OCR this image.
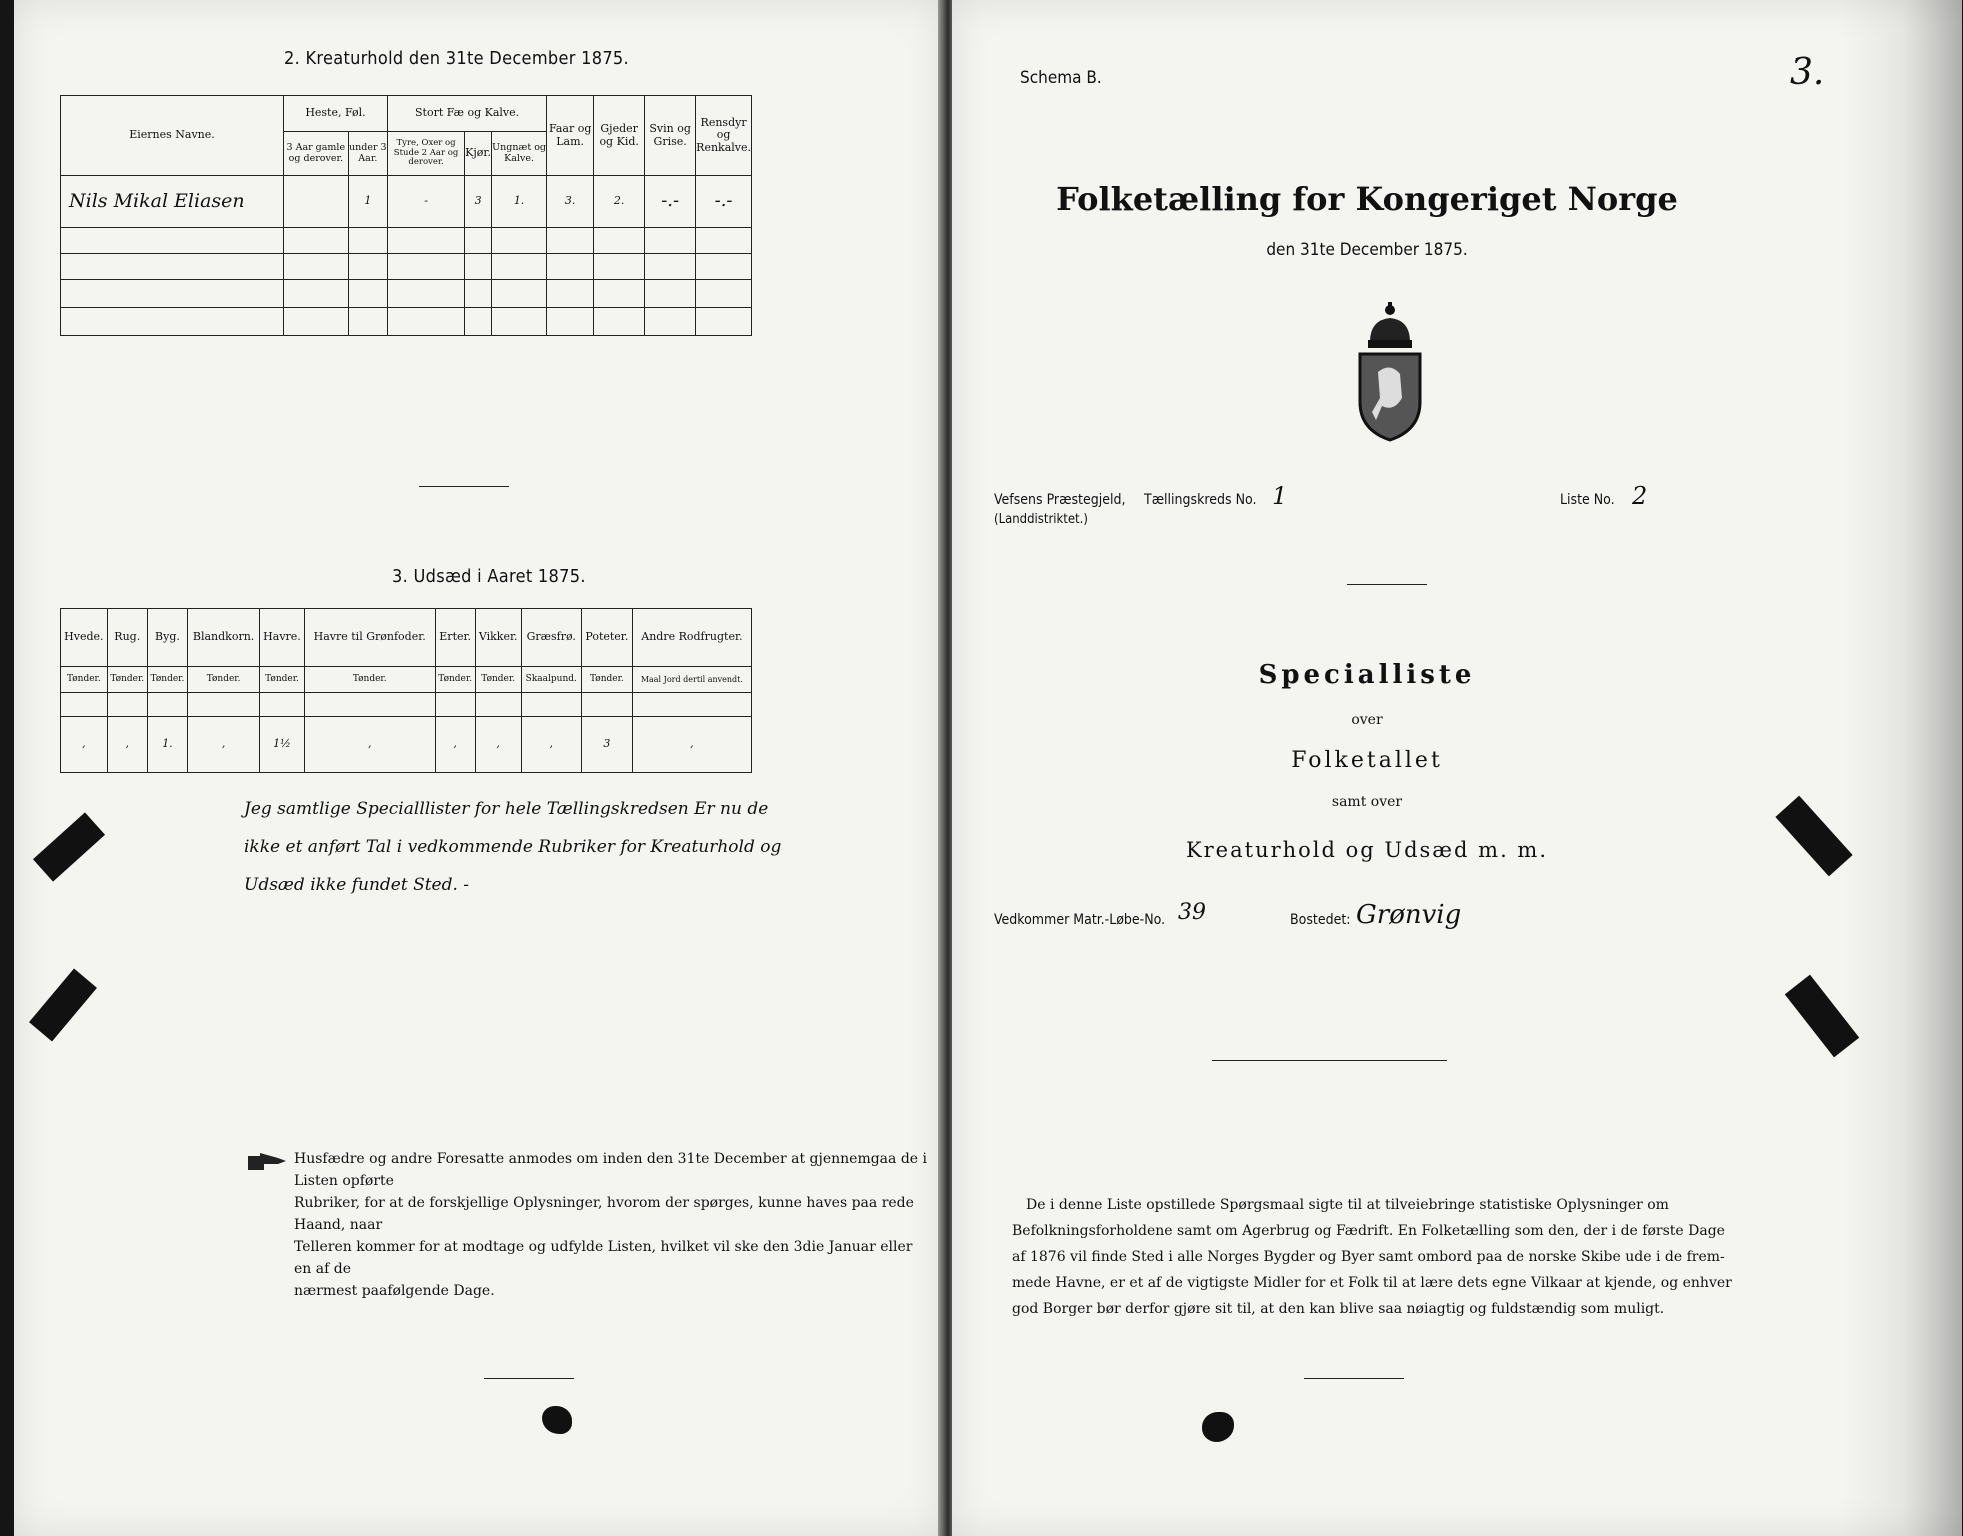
2. Kreaturhold den 31te December 1875.
Eiernes Navne.	Heste, Føl.		Stort Fæ og Kalve.			Faar og Lam.	Gjeder og Kid.	Svin og Grise.	Rensdyr og Renkalve.
	3 Aar gamle og derover.	under 3 Aar.	Tyre, Oxer og Stude 2 Aar og derover.	Kjør.	Ungnæt og Kalve.				
Nils Mikal Eliasen		1	-	3	1.	3.	2.	-.-	-.-

3. Udsæd i Aaret 1875.
Hvede.	Rug.	Byg.	Blandkorn.	Havre.	Havre til Grønfoder.	Erter.	Vikker.	Græsfrø.	Poteter.	Andre Rodfrugter.
Tønder.	Tønder.	Tønder.	Tønder.	Tønder.	Tønder.	Tønder.	Tønder.	Skaalpund.	Tønder.	Maal Jord dertil anvendt.

,	,	1.	,	1½	,	,	,	,	3	,
Jeg samtlige Specialllister for hele Tællingskredsen Er nu de
ikke et anført Tal i vedkommende Rubriker for Kreaturhold og
Udsæd ikke fundet Sted. -
Husfædre og andre Foresatte anmodes om inden den 31te December at gjennemgaa de i Listen opførte
Rubriker, for at de forskjellige Oplysninger, hvorom der spørges, kunne haves paa rede Haand, naar
Telleren kommer for at modtage og udfylde Listen, hvilket vil ske den 3die Januar eller en af de
nærmest paafølgende Dage.
Schema B.	3.
Folketælling for Kongeriget Norge
den 31te December 1875.
Vefsens Præstegjeld,
(Landdistriktet.)
Tællingskreds No. 1	Liste No. 2
Specialliste
over
Folketallet
samt over
Kreaturhold og Udsæd m. m.
Vedkommer Matr.-Løbe-No. 39	Bostedet: Grønvig
De i denne Liste opstillede Spørgsmaal sigte til at tilveiebringe statistiske Oplysninger om
Befolkningsforholdene samt om Agerbrug og Fædrift. En Folketælling som den, der i de første Dage
af 1876 vil finde Sted i alle Norges Bygder og Byer samt ombord paa de norske Skibe ude i de frem-
mede Havne, er et af de vigtigste Midler for et Folk til at lære dets egne Vilkaar at kjende, og enhver
god Borger bør derfor gjøre sit til, at den kan blive saa nøiagtig og fuldstændig som muligt.
